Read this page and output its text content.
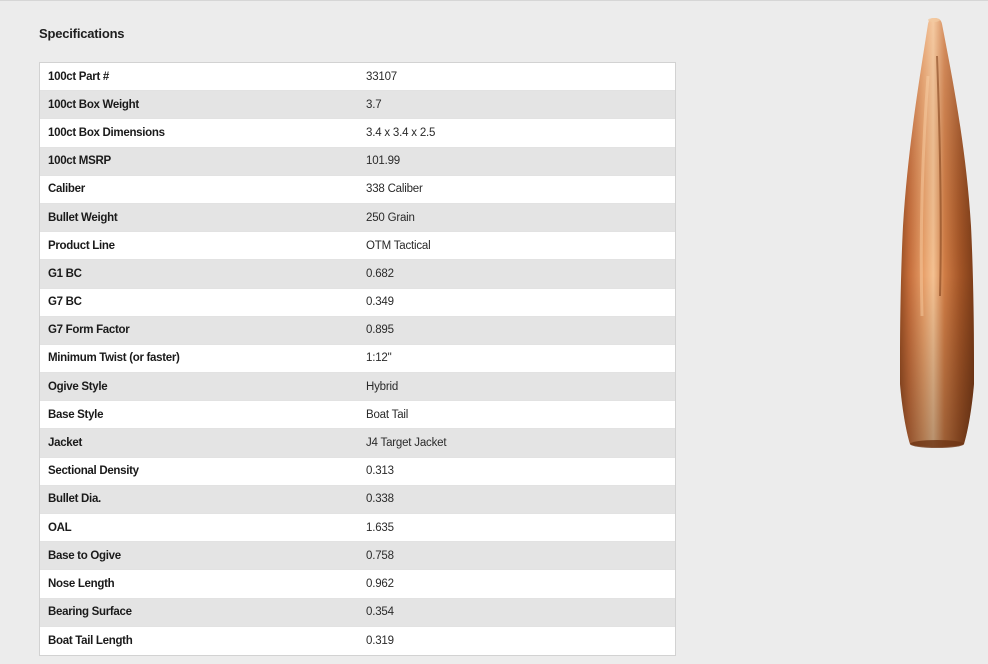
Specifications
100ct Part #	33107
100ct Box Weight	3.7
100ct Box Dimensions	3.4 x 3.4 x 2.5
100ct MSRP	101.99
Caliber	338 Caliber
Bullet Weight	250 Grain
Product Line	OTM Tactical
G1 BC	0.682
G7 BC	0.349
G7 Form Factor	0.895
Minimum Twist (or faster)	1:12"
Ogive Style	Hybrid
Base Style	Boat Tail
Jacket	J4 Target Jacket
Sectional Density	0.313
Bullet Dia.	0.338
OAL	1.635
Base to Ogive	0.758
Nose Length	0.962
Bearing Surface	0.354
Boat Tail Length	0.319
